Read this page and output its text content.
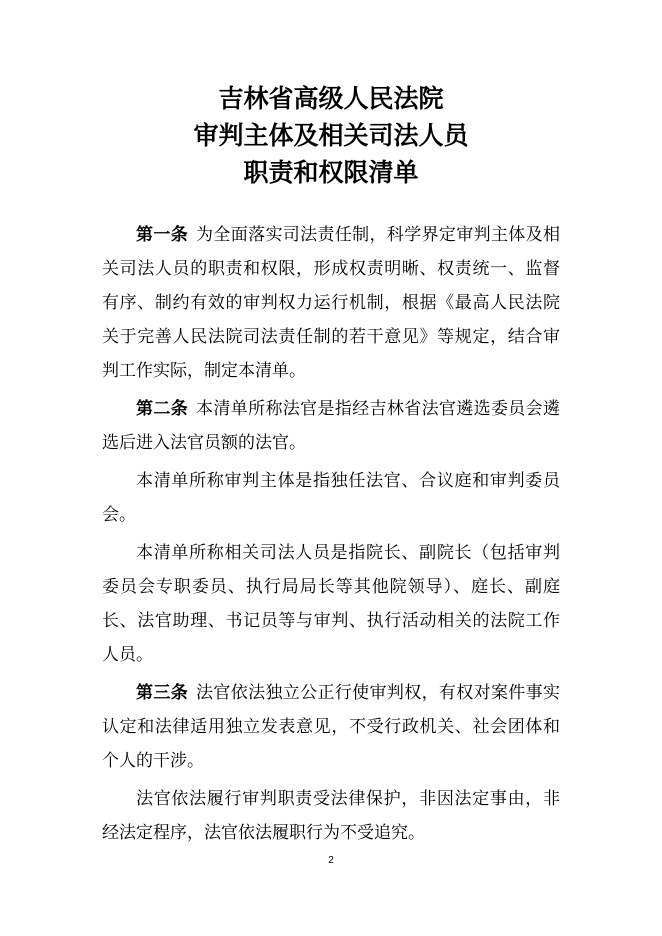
吉林省高级人民法院
审判主体及相关司法人员
职责和权限清单

第一条 为全面落实司法责任制，科学界定审判主体及相关司法人员的职责和权限，形成权责明晰、权责统一、监督有序、制约有效的审判权力运行机制，根据《最高人民法院关于完善人民法院司法责任制的若干意见》等规定，结合审判工作实际，制定本清单。

第二条 本清单所称法官是指经吉林省法官遴选委员会遴选后进入法官员额的法官。

本清单所称审判主体是指独任法官、合议庭和审判委员会。

本清单所称相关司法人员是指院长、副院长（包括审判委员会专职委员、执行局局长等其他院领导）、庭长、副庭长、法官助理、书记员等与审判、执行活动相关的法院工作人员。

第三条 法官依法独立公正行使审判权，有权对案件事实认定和法律适用独立发表意见，不受行政机关、社会团体和个人的干涉。

法官依法履行审判职责受法律保护，非因法定事由，非经法定程序，法官依法履职行为不受追究。

2
